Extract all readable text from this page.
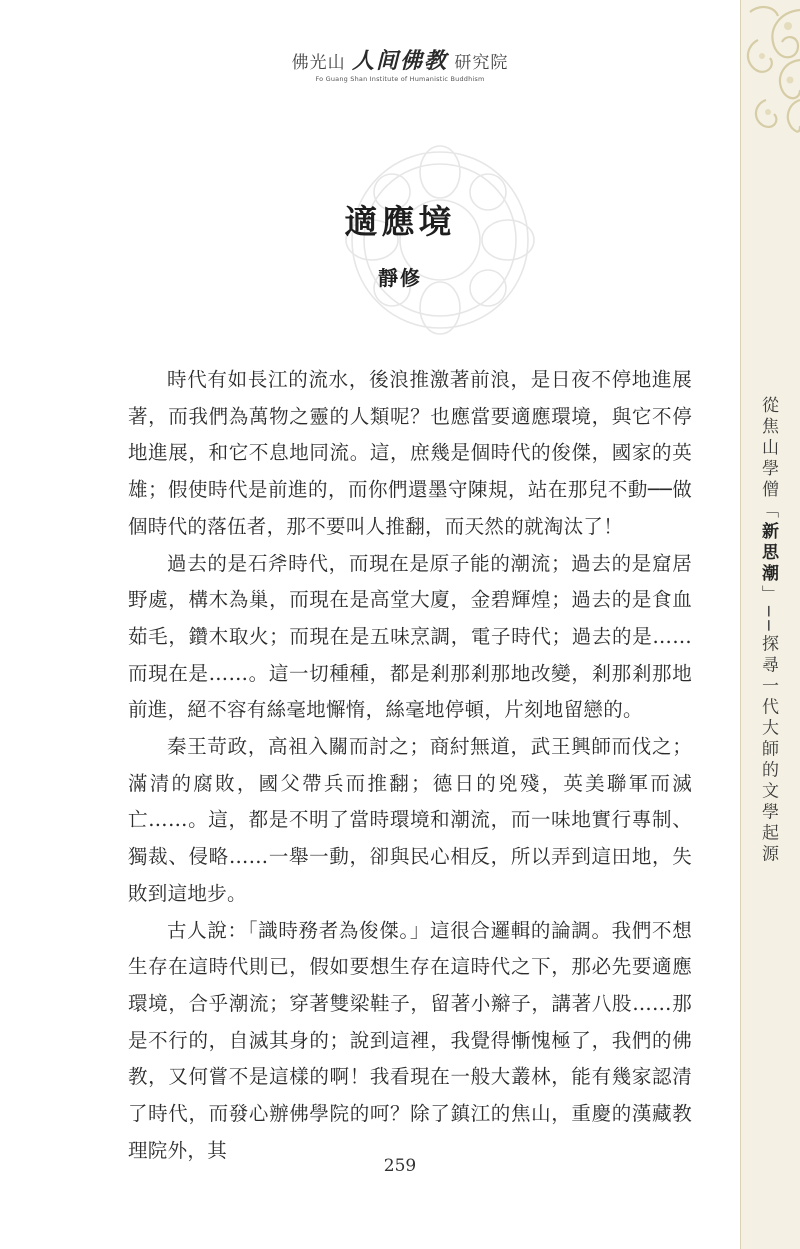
佛光山 人间佛教 研究院
Fo Guang Shan Institute of Humanistic Buddhism
適應境
靜修

時代有如長江的流水，後浪推激著前浪，是日夜不停地進展著，而我們為萬物之靈的人類呢？也應當要適應環境，與它不停地進展，和它不息地同流。這，庶幾是個時代的俊傑，國家的英雄；假使時代是前進的，而你們還墨守陳規，站在那兒不動──做個時代的落伍者，那不要叫人推翻，而天然的就淘汰了！

過去的是石斧時代，而現在是原子能的潮流；過去的是窟居野處，構木為巢，而現在是高堂大廈，金碧輝煌；過去的是食血茹毛，鑽木取火；而現在是五味烹調，電子時代；過去的是……而現在是……。這一切種種，都是剎那剎那地改變，剎那剎那地前進，絕不容有絲毫地懈惰，絲毫地停頓，片刻地留戀的。

秦王苛政，高祖入關而討之；商紂無道，武王興師而伐之；滿清的腐敗，國父帶兵而推翻；德日的兇殘，英美聯軍而滅亡……。這，都是不明了當時環境和潮流，而一味地實行專制、獨裁、侵略……一舉一動，卻與民心相反，所以弄到這田地，失敗到這地步。

古人說：「識時務者為俊傑。」這很合邏輯的論調。我們不想生存在這時代則已，假如要想生存在這時代之下，那必先要適應環境，合乎潮流；穿著雙梁鞋子，留著小辮子，講著八股……那是不行的，自滅其身的；說到這裡，我覺得慚愧極了，我們的佛教，又何嘗不是這樣的啊！我看現在一般大叢林，能有幾家認清了時代，而發心辦佛學院的呵？除了鎮江的焦山，重慶的漢藏教理院外，其

從焦山學僧「新思潮」──探尋一代大師的文學起源
259
